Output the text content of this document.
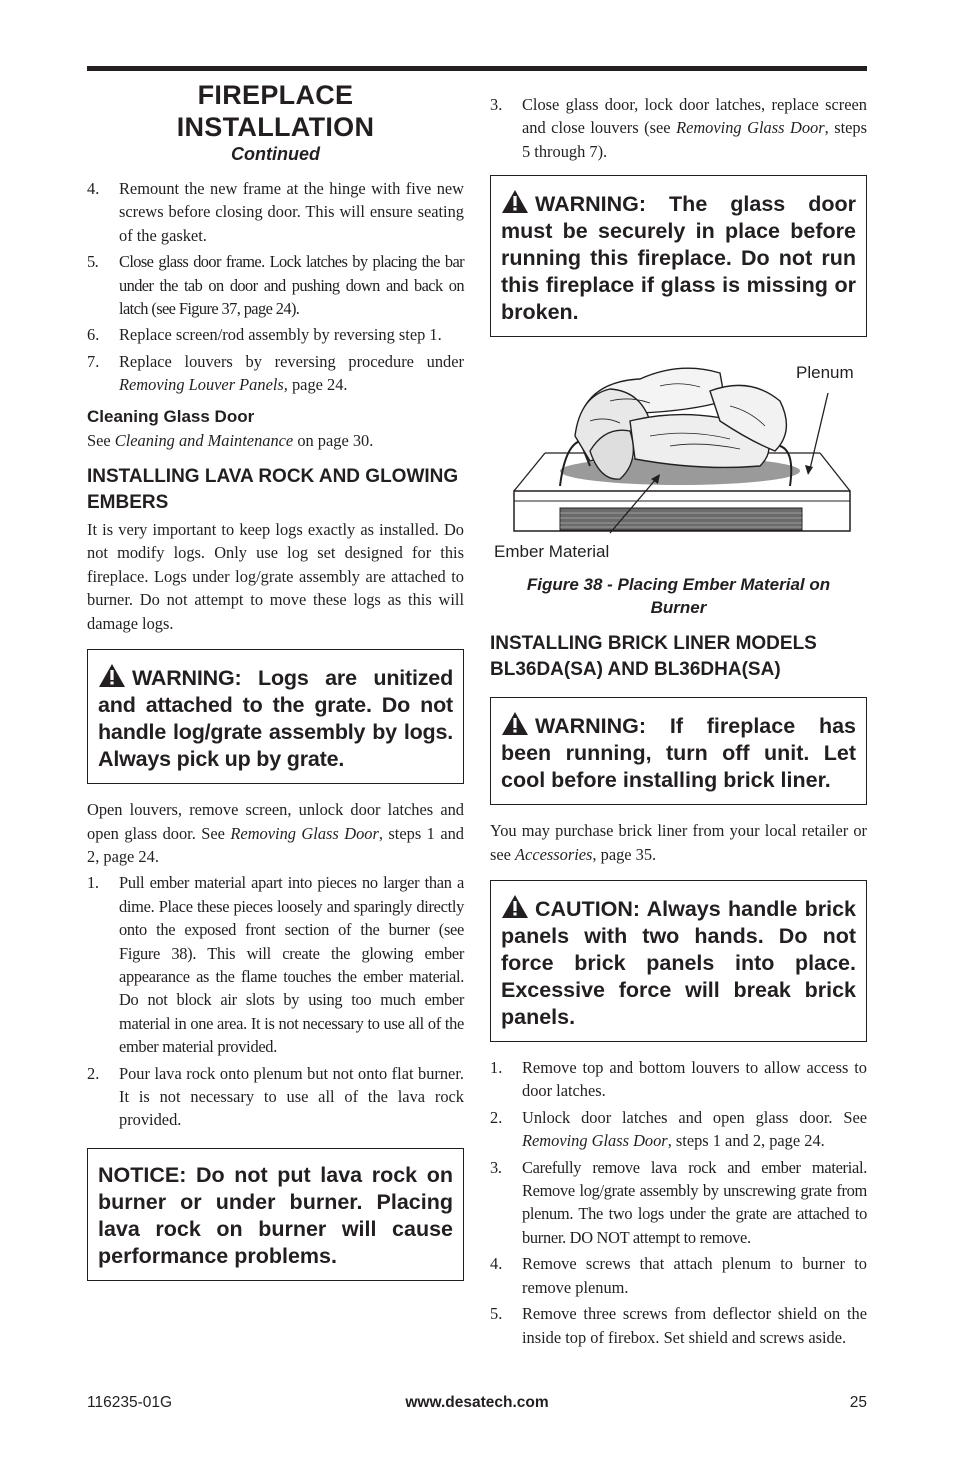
FIREPLACE

INSTALLATION

Continued

4. Remount the new frame at the hinge with five new screws before closing door. This will ensure seating of the gasket.
5. Close glass door frame. Lock latches by placing the bar under the tab on door and pushing down and back on latch (see Figure 37, page 24).
6. Replace screen/rod assembly by reversing step 1.
7. Replace louvers by reversing procedure under Removing Louver Panels, page 24.

Cleaning Glass Door

See Cleaning and Maintenance on page 30.

INSTALLING LAVA ROCK AND GLOWING EMBERS

It is very important to keep logs exactly as installed. Do not modify logs. Only use log set designed for this fireplace. Logs under log/grate assembly are attached to burner. Do not attempt to move these logs as this will damage logs.

WARNING: Logs are unitized and attached to the grate. Do not handle log/grate assembly by logs. Always pick up by grate.

Open louvers, remove screen, unlock door latches and open glass door. See Removing Glass Door, steps 1 and 2, page 24.

1. Pull ember material apart into pieces no larger than a dime. Place these pieces loosely and sparingly directly onto the exposed front section of the burner (see Figure 38). This will create the glowing ember appearance as the flame touches the ember material. Do not block air slots by using too much ember material in one area. It is not necessary to use all of the ember material provided.
2. Pour lava rock onto plenum but not onto flat burner. It is not necessary to use all of the lava rock provided.
NOTICE: Do not put lava rock on burner or under burner. Placing lava rock on burner will cause performance problems.
3. Close glass door, lock door latches, replace screen and close louvers (see Removing Glass Door, steps 5 through 7).
WARNING: The glass door must be securely in place before running this fireplace. Do not run this fireplace if glass is missing or broken.
Plenum
Ember Material

Figure 38 - Placing Ember Material on Burner

INSTALLING BRICK LINER MODELS BL36DA(SA) AND BL36DHA(SA)

WARNING: If fireplace has been running, turn off unit. Let cool before installing brick liner.

You may purchase brick liner from your local retailer or see Accessories, page 35.

CAUTION: Always handle brick panels with two hands. Do not force brick panels into place. Excessive force will break brick panels.
1. Remove top and bottom louvers to allow access to door latches.
2. Unlock door latches and open glass door. See Removing Glass Door, steps 1 and 2, page 24.
3. Carefully remove lava rock and ember material. Remove log/grate assembly by unscrewing grate from plenum. The two logs under the grate are attached to burner. DO NOT attempt to remove.
4. Remove screws that attach plenum to burner to remove plenum.
5. Remove three screws from deflector shield on the inside top of firebox. Set shield and screws aside.
116235-01G	www.desatech.com	25
